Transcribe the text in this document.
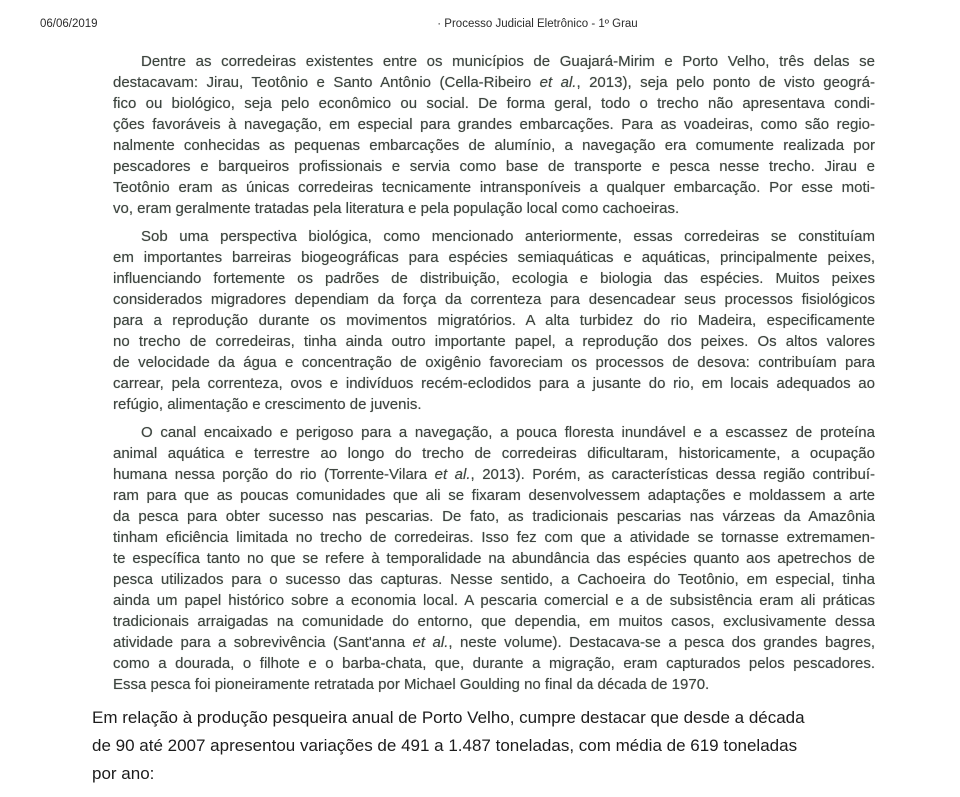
06/06/2019	· Processo Judicial Eletrônico - 1º Grau
Dentre as corredeiras existentes entre os municípios de Guajará-Mirim e Porto Velho, três delas se
destacavam: Jirau, Teotônio e Santo Antônio (Cella-Ribeiro et al., 2013), seja pelo ponto de visto geográ-
fico ou biológico, seja pelo econômico ou social. De forma geral, todo o trecho não apresentava condi-
ções favoráveis à navegação, em especial para grandes embarcações. Para as voadeiras, como são regio-
nalmente conhecidas as pequenas embarcações de alumínio, a navegação era comumente realizada por
pescadores e barqueiros profissionais e servia como base de transporte e pesca nesse trecho. Jirau e
Teotônio eram as únicas corredeiras tecnicamente intransponíveis a qualquer embarcação. Por esse moti-
vo, eram geralmente tratadas pela literatura e pela população local como cachoeiras.
Sob uma perspectiva biológica, como mencionado anteriormente, essas corredeiras se constituíam
em importantes barreiras biogeográficas para espécies semiaquáticas e aquáticas, principalmente peixes,
influenciando fortemente os padrões de distribuição, ecologia e biologia das espécies. Muitos peixes
considerados migradores dependiam da força da correnteza para desencadear seus processos fisiológicos
para a reprodução durante os movimentos migratórios. A alta turbidez do rio Madeira, especificamente
no trecho de corredeiras, tinha ainda outro importante papel, a reprodução dos peixes. Os altos valores
de velocidade da água e concentração de oxigênio favoreciam os processos de desova: contribuíam para
carrear, pela correnteza, ovos e indivíduos recém-eclodidos para a jusante do rio, em locais adequados ao
refúgio, alimentação e crescimento de juvenis.
O canal encaixado e perigoso para a navegação, a pouca floresta inundável e a escassez de proteína
animal aquática e terrestre ao longo do trecho de corredeiras dificultaram, historicamente, a ocupação
humana nessa porção do rio (Torrente-Vilara et al., 2013). Porém, as características dessa região contribuí-
ram para que as poucas comunidades que ali se fixaram desenvolvessem adaptações e moldassem a arte
da pesca para obter sucesso nas pescarias. De fato, as tradicionais pescarias nas várzeas da Amazônia
tinham eficiência limitada no trecho de corredeiras. Isso fez com que a atividade se tornasse extremamen-
te específica tanto no que se refere à temporalidade na abundância das espécies quanto aos apetrechos de
pesca utilizados para o sucesso das capturas. Nesse sentido, a Cachoeira do Teotônio, em especial, tinha
ainda um papel histórico sobre a economia local. A pescaria comercial e a de subsistência eram ali práticas
tradicionais arraigadas na comunidade do entorno, que dependia, em muitos casos, exclusivamente dessa
atividade para a sobrevivência (Sant'anna et al., neste volume). Destacava-se a pesca dos grandes bagres,
como a dourada, o filhote e o barba-chata, que, durante a migração, eram capturados pelos pescadores.
Essa pesca foi pioneiramente retratada por Michael Goulding no final da década de 1970.
Em relação à produção pesqueira anual de Porto Velho, cumpre destacar que desde a década
de 90 até 2007 apresentou variações de 491 a 1.487 toneladas, com média de 619 toneladas
por ano:
